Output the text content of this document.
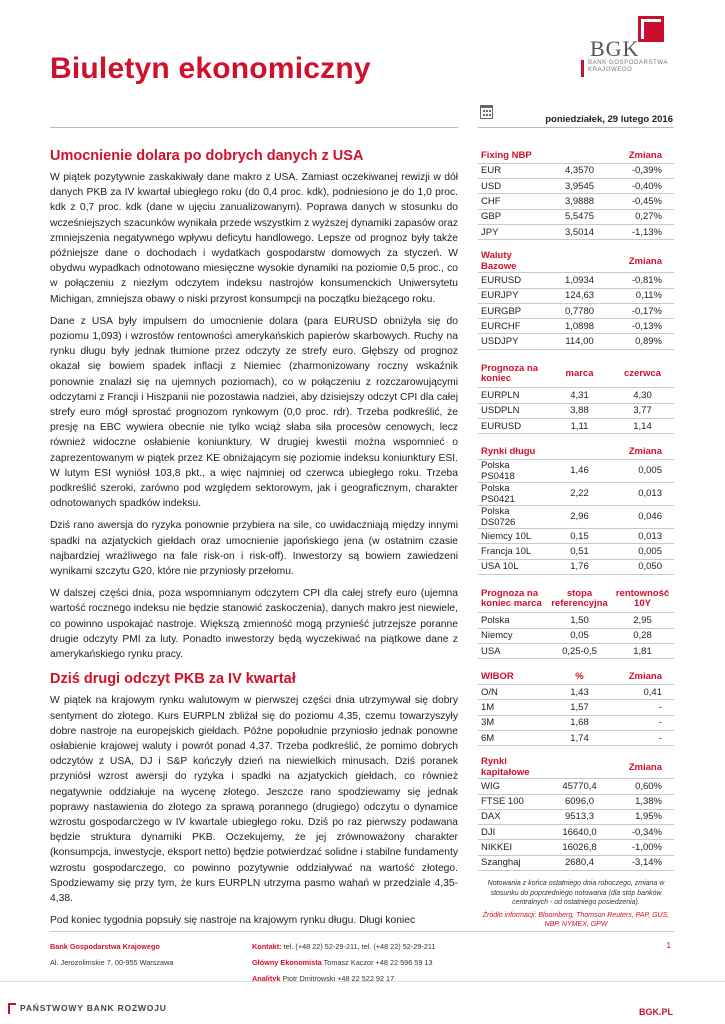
Biuletyn ekonomiczny
BGK
BANK GOSPODARSTWA KRAJOWEGO
poniedziałek, 29 lutego 2016
Umocnienie dolara po dobrych danych z USA

W piątek pozytywnie zaskakiwały dane makro z USA. Zamiast oczekiwanej rewizji w dół danych PKB za IV kwartał ubiegłego roku (do 0,4 proc. kdk), podniesiono je do 1,0 proc. kdk z 0,7 proc. kdk (dane w ujęciu zanualizowanym). Poprawa danych w stosunku do wcześniejszych szacunków wynikała przede wszystkim z wyższej dynamiki zapasów oraz zmniejszenia negatywnego wpływu deficytu handlowego. Lepsze od prognoz były także późniejsze dane o dochodach i wydatkach gospodarstw domowych za styczeń. W obydwu wypadkach odnotowano miesięczne wysokie dynamiki na poziomie 0,5 proc., co w połączeniu z niezłym odczytem indeksu nastrojów konsumenckich Uniwersytetu Michigan, zmniejsza obawy o niski przyrost konsumpcji na początku bieżącego roku.

Dane z USA były impulsem do umocnienie dolara (para EURUSD obniżyła się do poziomu 1,093) i wzrostów rentowności amerykańskich papierów skarbowych. Ruchy na rynku długu były jednak tłumione przez odczyty ze strefy euro. Głębszy od prognoz okazał się bowiem spadek inflacji z Niemiec (zharmonizowany roczny wskaźnik ponownie znalazł się na ujemnych poziomach), co w połączeniu z rozczarowującymi odczytami z Francji i Hiszpanii nie pozostawia nadziei, aby dzisiejszy odczyt CPI dla całej strefy euro mógł sprostać prognozom rynkowym (0,0 proc. rdr). Trzeba podkreślić, że presję na EBC wywiera obecnie nie tylko wciąż słaba siła procesów cenowych, lecz również widoczne osłabienie koniunktury. W drugiej kwestii można wspomnieć o zaprezentowanym w piątek przez KE obniżającym się poziomie indeksu koniunktury ESI. W lutym ESI wyniósł 103,8 pkt., a więc najmniej od czerwca ubiegłego roku. Trzeba podkreślić szeroki, zarówno pod względem sektorowym, jak i geograficznym, charakter odnotowanych spadków indeksu.

Dziś rano awersja do ryzyka ponownie przybiera na sile, co uwidaczniają między innymi spadki na azjatyckich giełdach oraz umocnienie japońskiego jena (w ostatnim czasie najbardziej wrażliwego na fale risk-on i risk-off). Inwestorzy są bowiem zawiedzeni wynikami szczytu G20, które nie przyniosły przełomu.

W dalszej części dnia, poza wspomnianym odczytem CPI dla całej strefy euro (ujemna wartość rocznego indeksu nie będzie stanowić zaskoczenia), danych makro jest niewiele, co powinno uspokajać nastroje. Większą zmienność mogą przynieść jutrzejsze poranne drugie odczyty PMI za luty. Ponadto inwestorzy będą wyczekiwać na piątkowe dane z amerykańskiego rynku pracy.

Dziś drugi odczyt PKB za IV kwartał

W piątek na krajowym rynku walutowym w pierwszej części dnia utrzymywał się dobry sentyment do złotego. Kurs EURPLN zbliżał się do poziomu 4,35, czemu towarzyszyły dobre nastroje na europejskich giełdach. Późne popołudnie przyniosło jednak ponowne osłabienie krajowej waluty i powrót ponad 4,37. Trzeba podkreślić, że pomimo dobrych odczytów z USA, DJ i S&P kończyły dzień na niewielkich minusach. Dziś poranek przyniósł wzrost awersji do ryzyka i spadki na azjatyckich giełdach, co również negatywnie oddziałuje na wycenę złotego. Jeszcze rano spodziewamy się jednak poprawy nastawienia do złotego za sprawą porannego (drugiego) odczytu o dynamice wzrostu gospodarczego w IV kwartale ubiegłego roku. Dziś po raz pierwszy podawana będzie struktura dynamiki PKB. Oczekujemy, że jej zrównoważony charakter (konsumpcja, inwestycje, eksport netto) będzie potwierdzać solidne i stabilne fundamenty wzrostu gospodarczego, co powinno pozytywnie oddziaływać na wartość złotego. Spodziewamy się przy tym, że kurs EURPLN utrzyma pasmo wahań w przedziale 4,35-4,38.

Pod koniec tygodnia popsuły się nastroje na krajowym rynku długu. Długi koniec

Fixing NBP		Zmiana
EUR	4,3570	-0,39%
USD	3,9545	-0,40%
CHF	3,9888	-0,45%
GBP	5,5475	0,27%
JPY	3,5014	-1,13%
Waluty Bazowe		Zmiana
EURUSD	1,0934	-0,81%
EURJPY	124,63	0,11%
EURGBP	0,7780	-0,17%
EURCHF	1,0898	-0,13%
USDJPY	114,00	0,89%
Prognoza na koniec	marca	czerwca
EURPLN	4,31	4,30
USDPLN	3,88	3,77
EURUSD	1,11	1,14
Rynki długu		Zmiana
Polska PS0418	1,46	0,005
Polska PS0421	2,22	0,013
Polska DS0726	2,96	0,046
Niemcy 10L	0,15	0,013
Francja 10L	0,51	0,005
USA 10L	1,76	0,050
Prognoza na koniec marca	stopa referencyjna	rentowność 10Y
Polska	1,50	2,95
Niemcy	0,05	0,28
USA	0,25-0,5	1,81
WIBOR	%	Zmiana
O/N	1,43	0,41
1M	1,57	-
3M	1,68	-
6M	1,74	-
Rynki kapitałowe		Zmiana
WIG	45770,4	0,60%
FTSE 100	6096,0	1,38%
DAX	9513,3	1,95%
DJI	16640,0	-0,34%
NIKKEI	16026,8	-1,00%
Szanghaj	2680,4	-3,14%
Notowania z końca ostatniego dnia roboczego, zmiana w stosunku do poprzedniego notowania (dla stóp banków centralnych - od ostatniego posiedzenia).
Źródło informacji: Bloomberg, Thomson Reuters, PAP, GUS, NBP, NYMEX, GPW
Bank Gospodarstwa Krajowego
Al. Jerozolimskie 7, 00-955 Warszawa
Kontakt: tel. (+48 22) 52-29-211, tel. (+48 22) 52-29-211
Główny Ekonomista Tomasz Kaczor +48 22 596 59 13
Analityk Piotr Dmitrowski +48 22 522 92 17
1
PAŃSTWOWY BANK ROZWOJU	BGK.PL
